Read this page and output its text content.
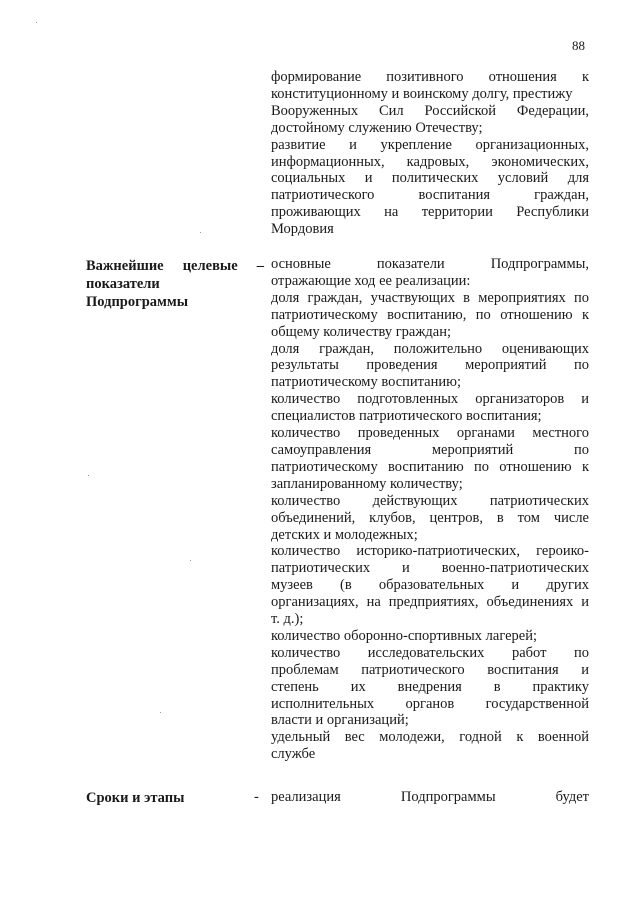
88
формирование позитивного отношения к
конституционному и воинскому долгу, престижу
Вооруженных Сил Российской Федерации,
достойному служению Отечеству;
развитие и укрепление организационных,
информационных, кадровых, экономических,
социальных и политических условий для
патриотического воспитания граждан,
проживающих на территории Республики
Мордовия
Важнейшие целевые –
показатели
Подпрограммы
основные показатели Подпрограммы,
отражающие ход ее реализации:
доля граждан, участвующих в мероприятиях по
патриотическому воспитанию, по отношению к
общему количеству граждан;
доля граждан, положительно оценивающих
результаты проведения мероприятий по
патриотическому воспитанию;
количество подготовленных организаторов и
специалистов патриотического воспитания;
количество проведенных органами местного
самоуправления мероприятий по
патриотическому воспитанию по отношению к
запланированному количеству;
количество действующих патриотических
объединений, клубов, центров, в том числе
детских и молодежных;
количество историко-патриотических, героико-
патриотических и военно-патриотических
музеев (в образовательных и других
организациях, на предприятиях, объединениях и
т. д.);
количество оборонно-спортивных лагерей;
количество исследовательских работ по
проблемам патриотического воспитания и
степень их внедрения в практику
исполнительных органов государственной
власти и организаций;
удельный вес молодежи, годной к военной
службе
Сроки и этапы	- реализация Подпрограммы будет
